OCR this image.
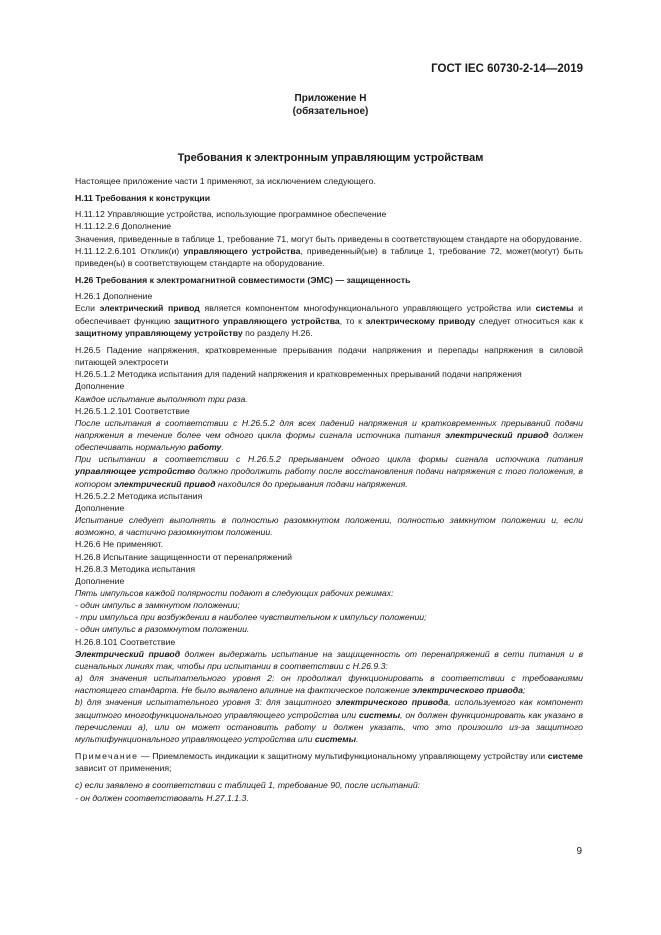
ГОСТ IEC 60730-2-14—2019
Приложение Н
(обязательное)
Требования к электронным управляющим устройствам

Настоящее приложение части 1 применяют, за исключением следующего.

Н.11 Требования к конструкции

Н.11.12 Управляющие устройства, использующие программное обеспечение

Н.11.12.2.6 Дополнение

Значения, приведенные в таблице 1, требование 71, могут быть приведены в соответствующем стандарте на оборудование.

Н.11.12.2.6.101 Отклик(и) управляющего устройства, приведенный(ые) в таблице 1, требование 72, может(могут) быть приведен(ы) в соответствующем стандарте на оборудование.

Н.26 Требования к электромагнитной совместимости (ЭМС) — защищенность

Н.26.1 Дополнение

Если электрический привод является компонентом многофункционального управляющего устройства или системы и обеспечивает функцию защитного управляющего устройства, то к электрическому приводу следует относиться как к защитному управляющему устройству по разделу Н.26.

Н.26.5 Падение напряжения, кратковременные прерывания подачи напряжения и перепады напряжения в силовой питающей электросети

Н.26.5.1.2 Методика испытания для падений напряжения и кратковременных прерываний подачи напряжения

Дополнение

Каждое испытание выполняют три раза.

Н.26.5.1.2.101 Соответствие

После испытания в соответствии с Н.26.5.2 для всех падений напряжения и кратковременных прерываний подачи напряжения в течение более чем одного цикла формы сигнала источника питания электрический привод должен обеспечивать нормальную работу.

При испытании в соответствии с Н.26.5.2 прерыванием одного цикла формы сигнала источника питания управляющее устройство должно продолжить работу после восстановления подачи напряжения с того положения, в котором электрический привод находился до прерывания подачи напряжения.

Н.26.5.2.2 Методика испытания

Дополнение

Испытание следует выполнять в полностью разомкнутом положении, полностью замкнутом положении и, если возможно, в частично разомкнутом положении.

Н.26.6 Не применяют.

Н.26.8 Испытание защищенности от перенапряжений

Н.26.8.3 Методика испытания

Дополнение

Пять импульсов каждой полярности подают в следующих рабочих режимах:

- один импульс в замкнутом положении;

- три импульса при возбуждении в наиболее чувствительном к импульсу положении;

- один импульс в разомкнутом положении.

Н.26.8.101 Соответствие

Электрический привод должен выдержать испытание на защищенность от перенапряжений в сети питания и в сигнальных линиях так, чтобы при испытании в соответствии с Н.26.9.3:

a) для значения испытательного уровня 2: он продолжал функционировать в соответствии с требованиями настоящего стандарта. Не было выявлено влияние на фактическое положение электрического привода;

b) для значения испытательного уровня 3: для защитного электрического привода, используемого как компонент защитного многофункционального управляющего устройства или системы, он должен функционировать как указано в перечислении a), или он может остановить работу и должен указать, что это произошло из-за защитного мультифункционального управляющего устройства или системы.

Примечание — Приемлемость индикации к защитному мультифункциональному управляющему устройству или системе зависит от применения;

c) если заявлено в соответствии с таблицей 1, требование 90, после испытаний:

- он должен соответствовать Н.27.1.1.3.

9
